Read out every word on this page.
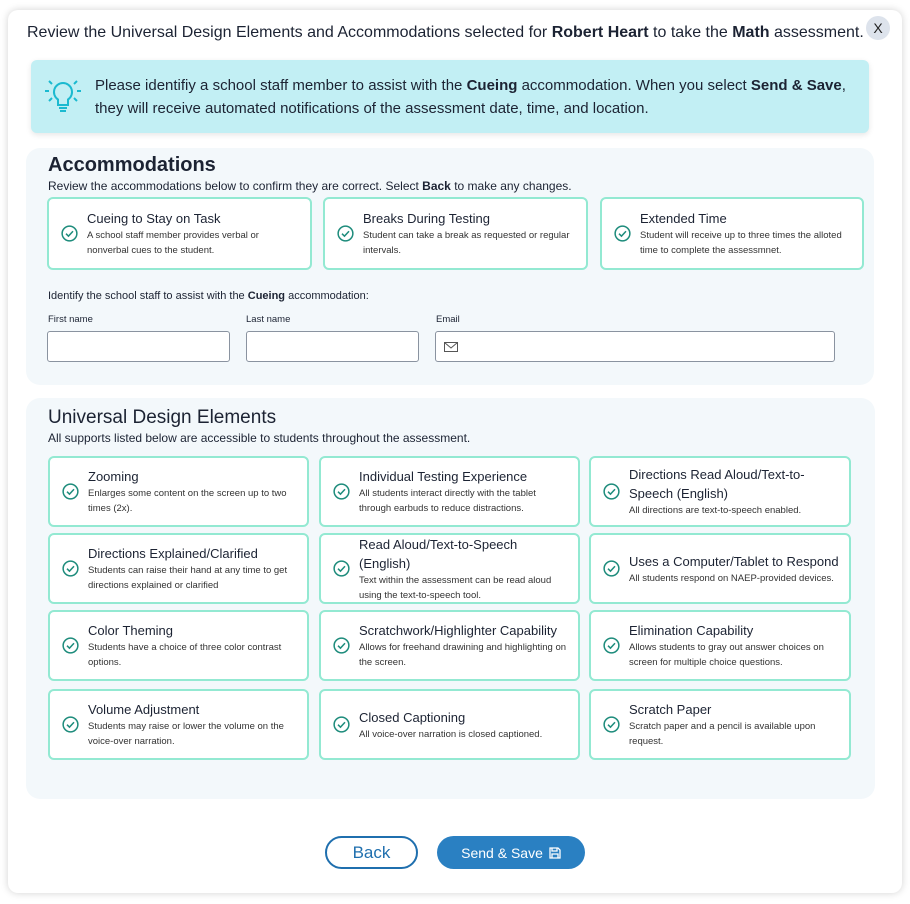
Review the Universal Design Elements and Accommodations selected for Robert Heart to take the Math assessment. X

Please identifiy a school staff member to assist with the Cueing accommodation. When you select Send & Save, they will receive automated notifications of the assessment date, time, and location.

Accommodations
Review the accommodations below to confirm they are correct. Select Back to make any changes.
Cueing to Stay on Task
A school staff member provides verbal or nonverbal cues to the student.
Breaks During Testing
Student can take a break as requested or regular intervals.
Extended Time
Student will receive up to three times the alloted time to complete the assessmnet.
Identify the school staff to assist with the Cueing accommodation:
First name	Last name	Email
Universal Design Elements
All supports listed below are accessible to students throughout the assessment.
Zooming
Enlarges some content on the screen up to two times (2x).
Individual Testing Experience
All students interact directly with the tablet through earbuds to reduce distractions.
Directions Read Aloud/Text-to-Speech (English)
All directions are text-to-speech enabled.
Directions Explained/Clarified
Students can raise their hand at any time to get directions explained or clarified
Read Aloud/Text-to-Speech (English)
Text within the assessment can be read aloud using the text-to-speech tool.
Uses a Computer/Tablet to Respond
All students respond on NAEP-provided devices.
Color Theming
Students have a choice of three color contrast options.
Scratchwork/Highlighter Capability
Allows for freehand drawining and highlighting on the screen.
Elimination Capability
Allows students to gray out answer choices on screen for multiple choice questions.
Volume Adjustment
Students may raise or lower the volume on the voice-over narration.
Closed Captioning
All voice-over narration is closed captioned.
Scratch Paper
Scratch paper and a pencil is available upon request.
Back	Send & Save
